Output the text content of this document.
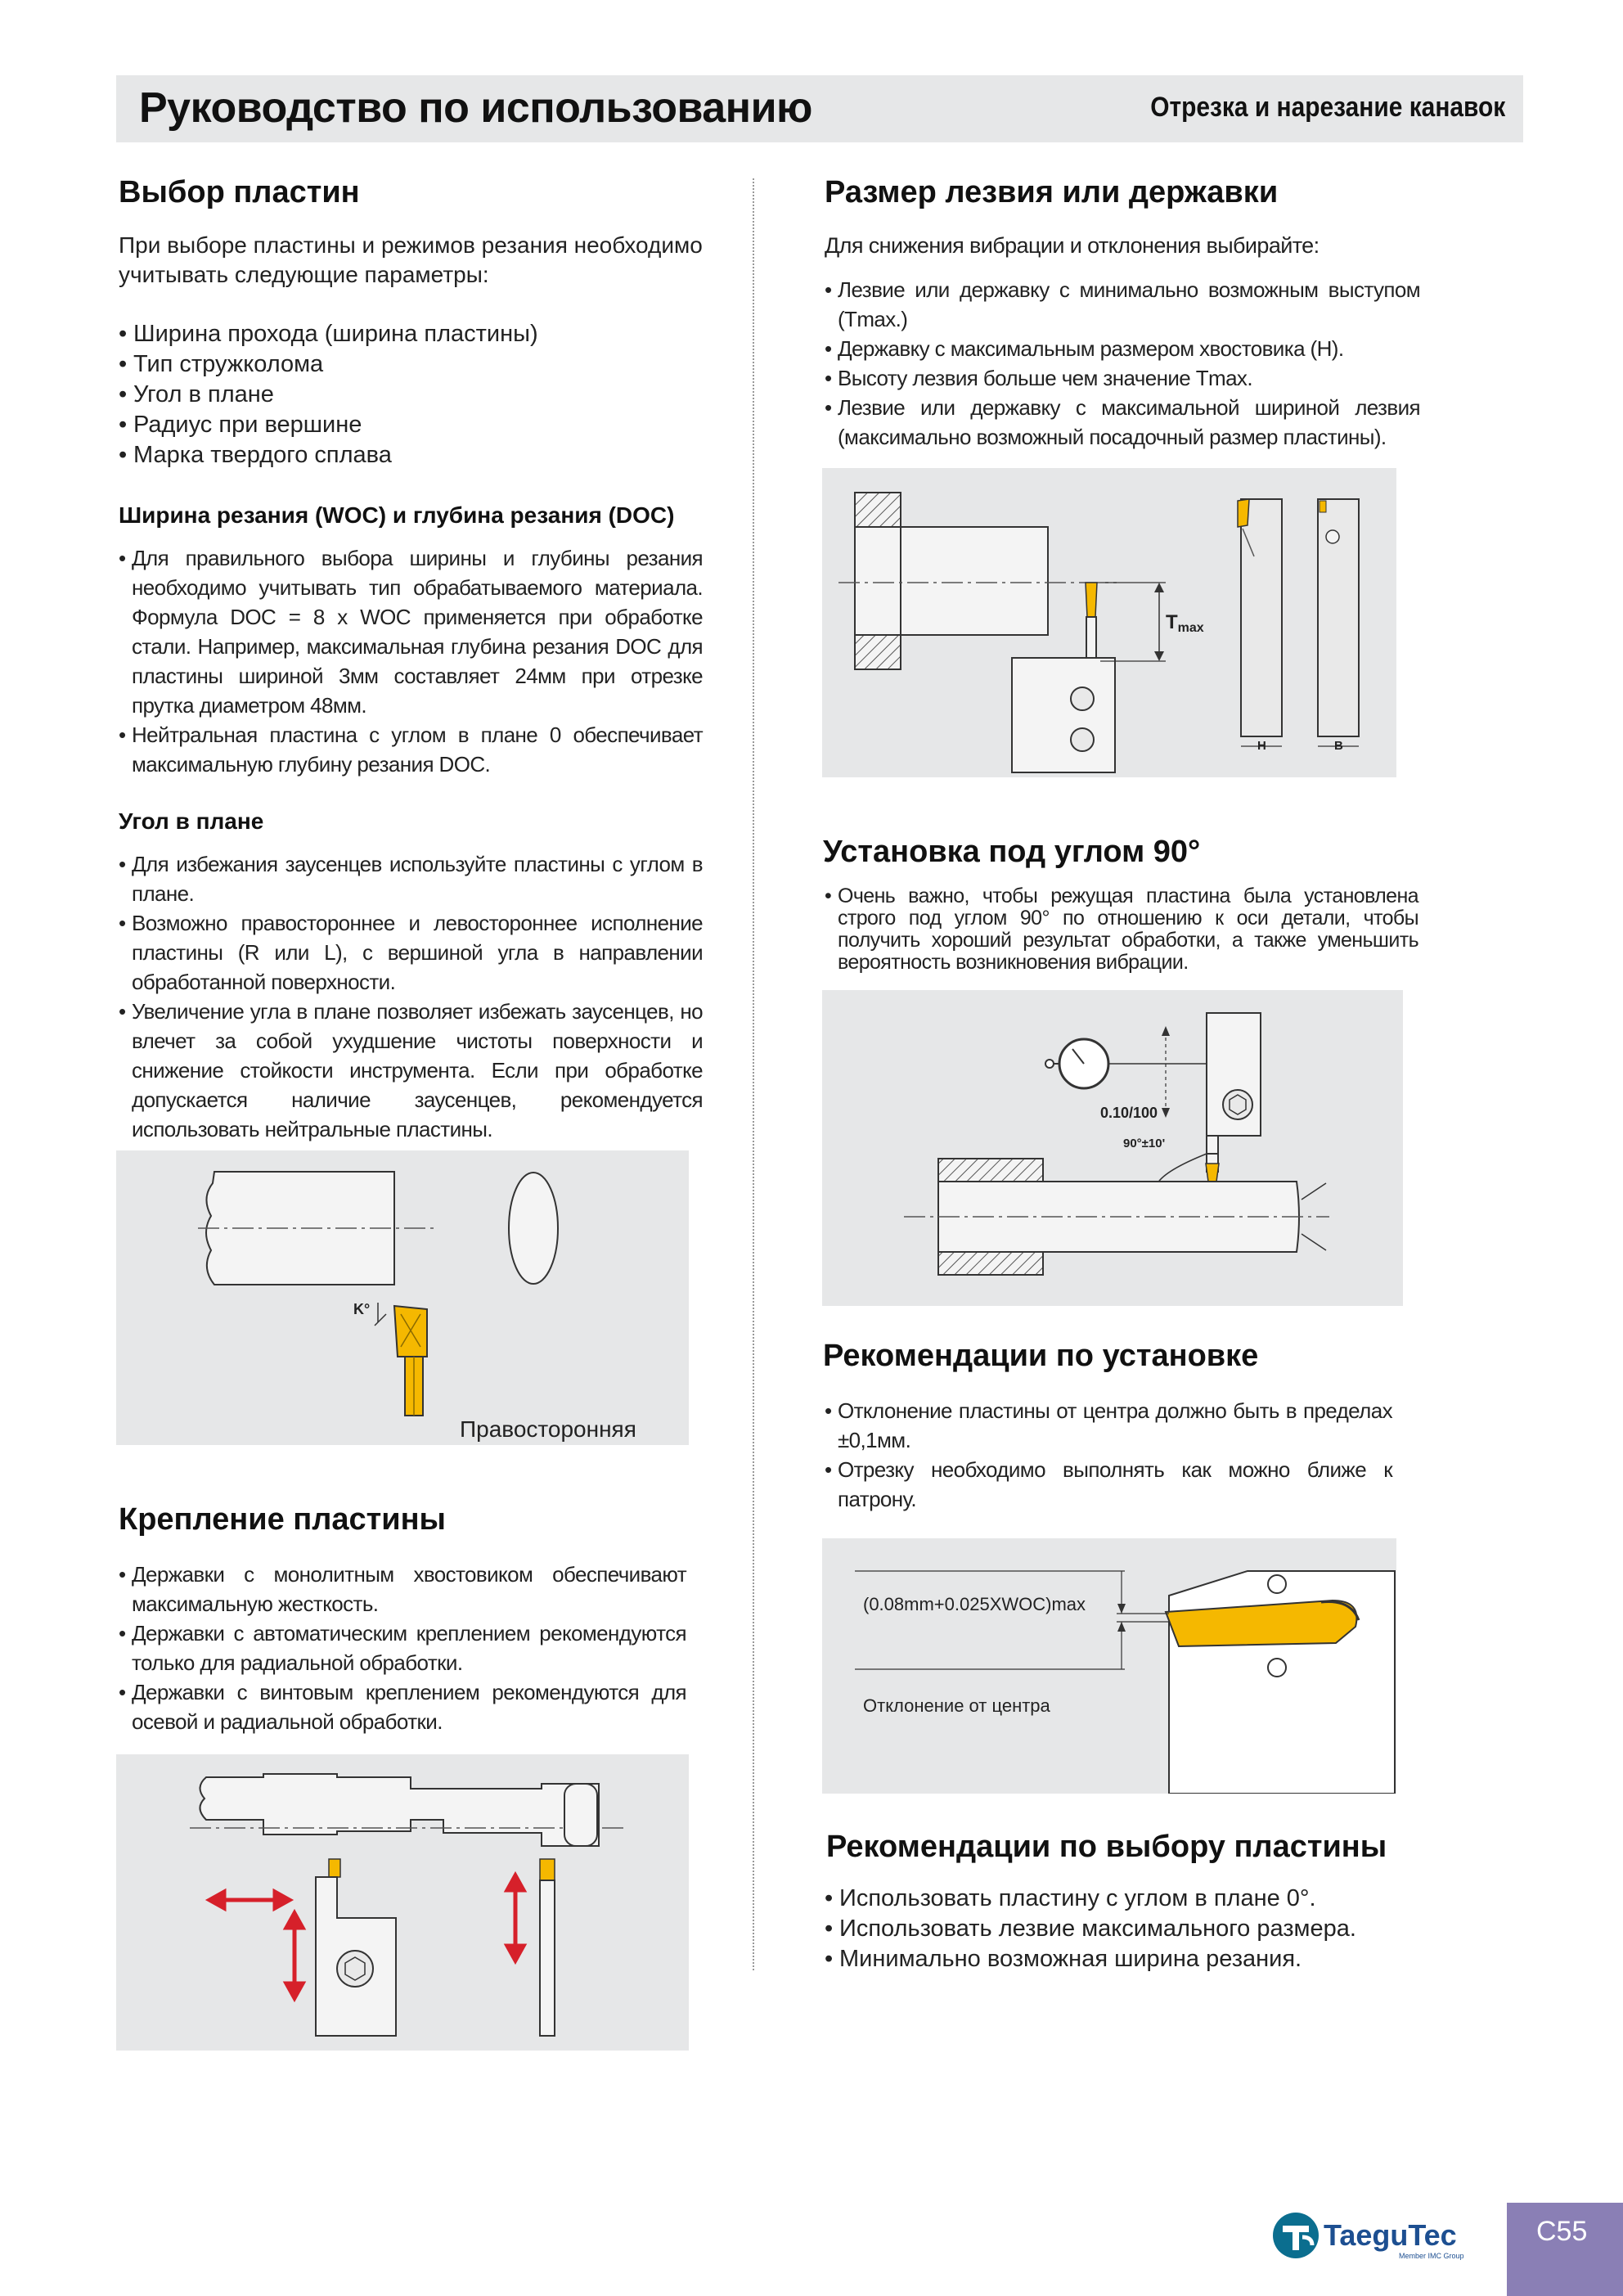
Руководство по использованию	Отрезка и нарезание канавок
Выбор пластин

При выборе пластины и режимов резания необходимо учитывать следующие параметры:

• Ширина прохода (ширина пластины)
• Тип стружколома
• Угол в плане
• Радиус при вершине
• Марка твердого сплава
Ширина резания (WOC) и глубина резания (DOC)
• Для правильного выбора ширины и глубины резания необходимо учитывать тип обрабатываемого материала. Формула DOC = 8 x WOC применяется при обработке стали. Например, максимальная глубина резания DOC для пластины шириной 3мм составляет 24мм при отрезке прутка диаметром 48мм.
• Нейтральная пластина с углом в плане 0 обеспечивает максимальную глубину резания DOC.
Угол в плане
• Для избежания заусенцев используйте пластины с углом в плане.
• Возможно правостороннее и левостороннее исполнение пластины (R или L), с вершиной угла в направлении обработанной поверхности.
• Увеличение угла в плане позволяет избежать заусенцев, но влечет за собой ухудшение чистоты поверхности и снижение стойкости инструмента. Если при обработке допускается наличие заусенцев, рекомендуется использовать нейтральные пластины.
K°
Правосторонняя
Крепление пластины
• Державки с монолитным хвостовиком обеспечивают максимальную жесткость.
• Державки с автоматическим креплением рекомендуются только для радиальной обработки.
• Державки с винтовым креплением рекомендуются для осевой и радиальной обработки.
Размер лезвия или державки

Для снижения вибрации и отклонения выбирайте:

• Лезвие или державку с минимально возможным выступом (Tmax.)
• Державку с максимальным размером хвостовика (H).
• Высоту лезвия больше чем значение Tmax.
• Лезвие или державку с максимальной шириной лезвия (максимально возможный посадочный размер пластины).
Tmax
H	B
Установка под углом 90°
• Очень важно, чтобы режущая пластина была установлена строго под углом 90° по отношению к оси детали, чтобы получить хороший результат обработки, а также уменьшить вероятность возникновения вибрации.
0.10/100
90°±10'
Рекомендации по установке
• Отклонение пластины от центра должно быть в пределах ±0,1мм.
• Отрезку необходимо выполнять как можно ближе к патрону.
(0.08mm+0.025XWOC)max
Отклонение от центра
Рекомендации по выбору пластины
• Использовать пластину с углом в плане 0°.
• Использовать лезвие максимального размера.
• Минимально возможная ширина резания.
TaeguTec
Member IMC Group
C55
